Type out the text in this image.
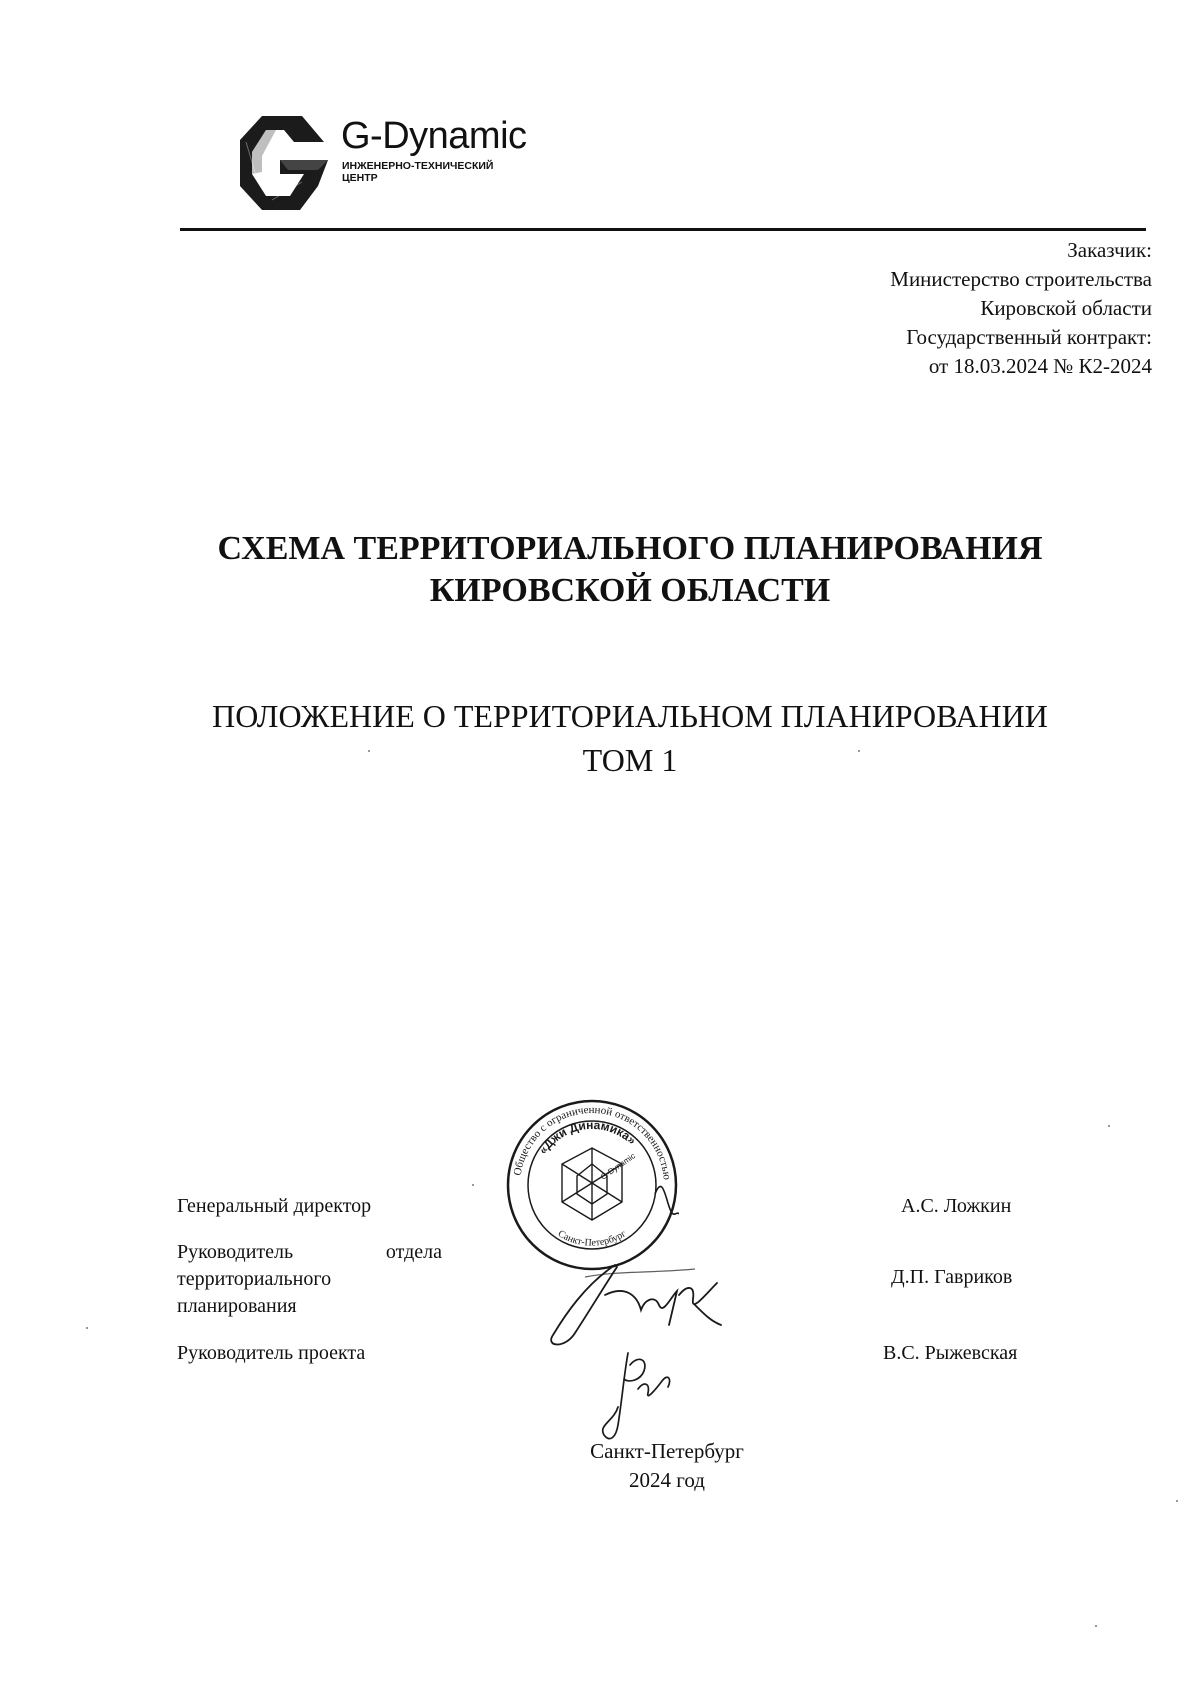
G-Dynamic
ИНЖЕНЕРНО-ТЕХНИЧЕСКИЙ
ЦЕНТР
Заказчик:
Министерство строительства
Кировской области
Государственный контракт:
от 18.03.2024 № К2-2024
СХЕМА ТЕРРИТОРИАЛЬНОГО ПЛАНИРОВАНИЯ
КИРОВСКОЙ ОБЛАСТИ
ПОЛОЖЕНИЕ О ТЕРРИТОРИАЛЬНОМ ПЛАНИРОВАНИИ
ТОМ 1
Генеральный директор
Руководитель	отдела
территориального
планирования
Руководитель проекта
А.С. Ложкин
Д.П. Гавриков
В.С. Рыжевская
Общество с ограниченной ответственностью
«Джи Динамика»
Санкт-Петербург
G-Dynamic
Санкт-Петербург
2024 год
